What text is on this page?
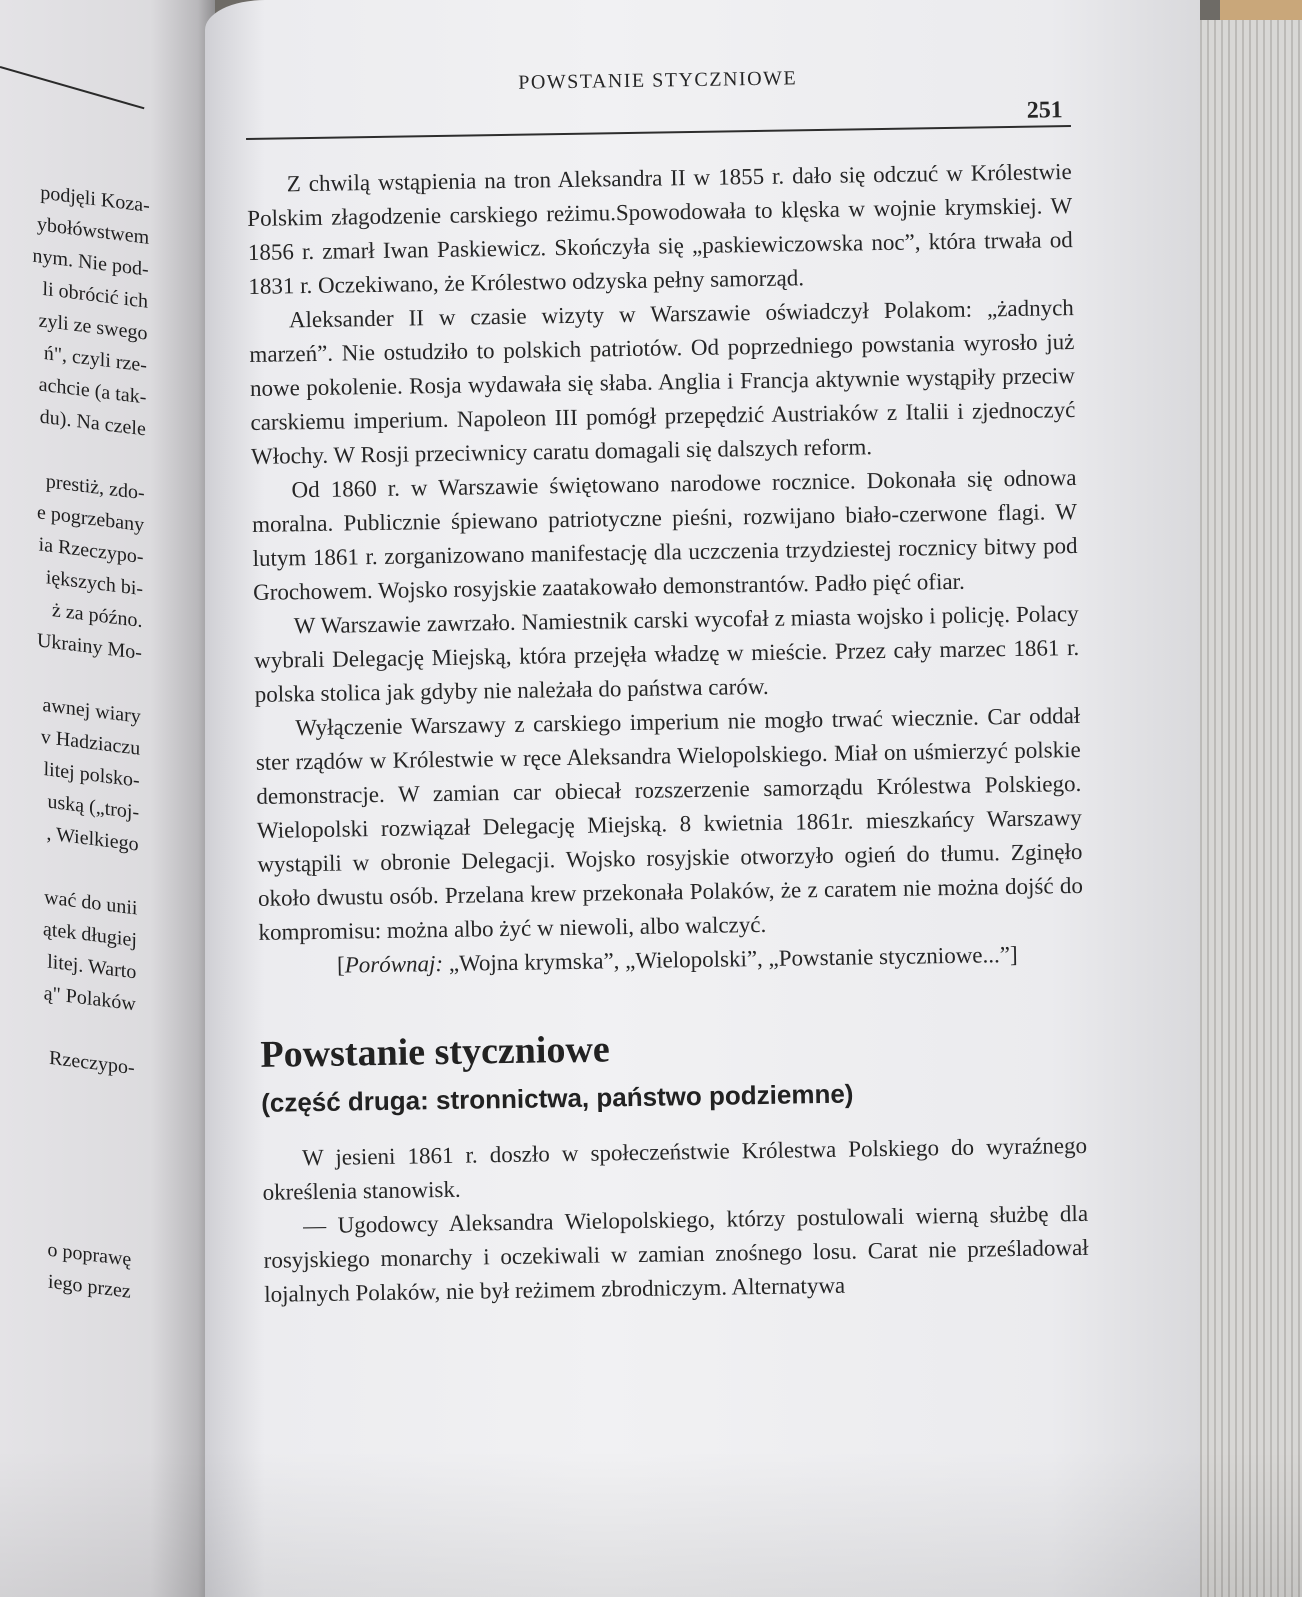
podjęli Koza-
ybołówstwem
nym. Nie pod-
li obrócić ich
zyli ze swego
ń", czyli rze-
achcie (a tak-
du). Na czele
prestiż, zdo-
e pogrzebany
ia Rzeczypo-
iększych bi-
ż za późno.
Ukrainy Mo-
awnej wiary
v Hadziaczu
litej polsko-
uską („troj-
, Wielkiego
wać do unii
ątek długiej
litej. Warto
ą" Polaków
Rzeczypo-
o poprawę
iego przez
POWSTANIE STYCZNIOWE
251

Z chwilą wstąpienia na tron Aleksandra II w 1855 r. dało się odczuć w Królestwie Polskim złagodzenie carskiego reżimu.Spowodowała to klęska w wojnie krymskiej. W 1856 r. zmarł Iwan Paskiewicz. Skończyła się „paskiewiczowska noc”, która trwała od 1831 r. Oczekiwano, że Królestwo odzyska pełny samorząd.

Aleksander II w czasie wizyty w Warszawie oświadczył Polakom: „żadnych marzeń”. Nie ostudziło to polskich patriotów. Od poprzedniego powstania wyrosło już nowe pokolenie. Rosja wydawała się słaba. Anglia i Francja aktywnie wystąpiły przeciw carskiemu imperium. Napoleon III pomógł przepędzić Austriaków z Italii i zjednoczyć Włochy. W Rosji przeciwnicy caratu domagali się dalszych reform.

Od 1860 r. w Warszawie świętowano narodowe rocznice. Dokonała się odnowa moralna. Publicznie śpiewano patriotyczne pieśni, rozwijano biało-czerwone flagi. W lutym 1861 r. zorganizowano manifestację dla uczczenia trzydziestej rocznicy bitwy pod Grochowem. Wojsko rosyjskie zaatakowało demonstrantów. Padło pięć ofiar.

W Warszawie zawrzało. Namiestnik carski wycofał z miasta wojsko i policję. Polacy wybrali Delegację Miejską, która przejęła władzę w mieście. Przez cały marzec 1861 r. polska stolica jak gdyby nie należała do państwa carów.

Wyłączenie Warszawy z carskiego imperium nie mogło trwać wiecznie. Car oddał ster rządów w Królestwie w ręce Aleksandra Wielopolskiego. Miał on uśmierzyć polskie demonstracje. W zamian car obiecał rozszerzenie samorządu Królestwa Polskiego. Wielopolski rozwiązał Delegację Miejską. 8 kwietnia 1861r. mieszkańcy Warszawy wystąpili w obronie Delegacji. Wojsko rosyjskie otworzyło ogień do tłumu. Zginęło około dwustu osób. Przelana krew przekonała Polaków, że z caratem nie można dojść do kompromisu: można albo żyć w niewoli, albo walczyć.

[Porównaj: „Wojna krymska”, „Wielopolski”, „Powstanie styczniowe...”]

Powstanie styczniowe
(część druga: stronnictwa, państwo podziemne)

W jesieni 1861 r. doszło w społeczeństwie Królestwa Polskiego do wyraźnego określenia stanowisk.

— Ugodowcy Aleksandra Wielopolskiego, którzy postulowali wierną służbę dla rosyjskiego monarchy i oczekiwali w zamian znośnego losu. Carat nie prześladował lojalnych Polaków, nie był reżimem zbrodniczym. Alternatywa
